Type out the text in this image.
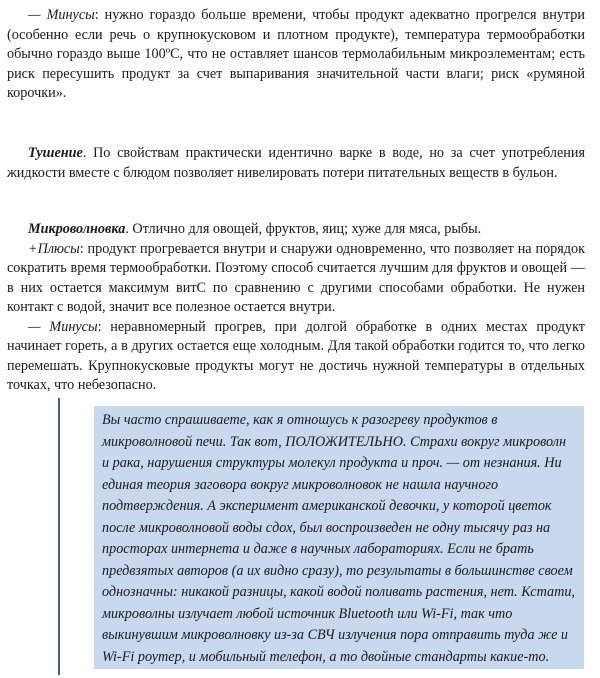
— Минусы: нужно гораздо больше времени, чтобы продукт адекватно прогрелся внутри (особенно если речь о крупнокусковом и плотном продукте), температура термообработки обычно гораздо выше 100ºС, что не оставляет шансов термолабильным микроэлементам; есть риск пересушить продукт за счет выпаривания значительной части влаги; риск «румяной корочки».

Тушение. По свойствам практически идентично варке в воде, но за счет употребления жидкости вместе с блюдом позволяет нивелировать потери питательных веществ в бульон.

Микроволновка. Отлично для овощей, фруктов, яиц; хуже для мяса, рыбы.
+Плюсы: продукт прогревается внутри и снаружи одновременно, что позволяет на порядок сократить время термообработки. Поэтому способ считается лучшим для фруктов и овощей — в них остается максимум витС по сравнению с другими способами обработки. Не нужен контакт с водой, значит все полезное остается внутри.
— Минусы: неравномерный прогрев, при долгой обработке в одних местах продукт начинает гореть, а в других остается еще холодным. Для такой обработки годится то, что легко перемешать. Крупнокусковые продукты могут не достичь нужной температуры в отдельных точках, что небезопасно.
Вы часто спрашиваете, как я отношусь к разогреву продуктов в микроволновой печи. Так вот, ПОЛОЖИТЕЛЬНО. Страхи вокруг микроволн и рака, нарушения структуры молекул продукта и проч. — от незнания. Ни единая теория заговора вокруг микроволновок не нашла научного подтверждения. А эксперимент американской девочки, у которой цветок после микроволновой воды сдох, был воспроизведен не одну тысячу раз на просторах интернета и даже в научных лабораториях. Если не брать предвзятых авторов (а их видно сразу), то результаты в большинстве своем однозначны: никакой разницы, какой водой поливать растения, нет. Кстати, микроволны излучает любой источник Bluetooth или Wi-Fi, так что выкинувшим микроволновку из-за СВЧ излучения пора отправить туда же и Wi-Fi роутер, и мобильный телефон, а то двойные стандарты какие-то.
